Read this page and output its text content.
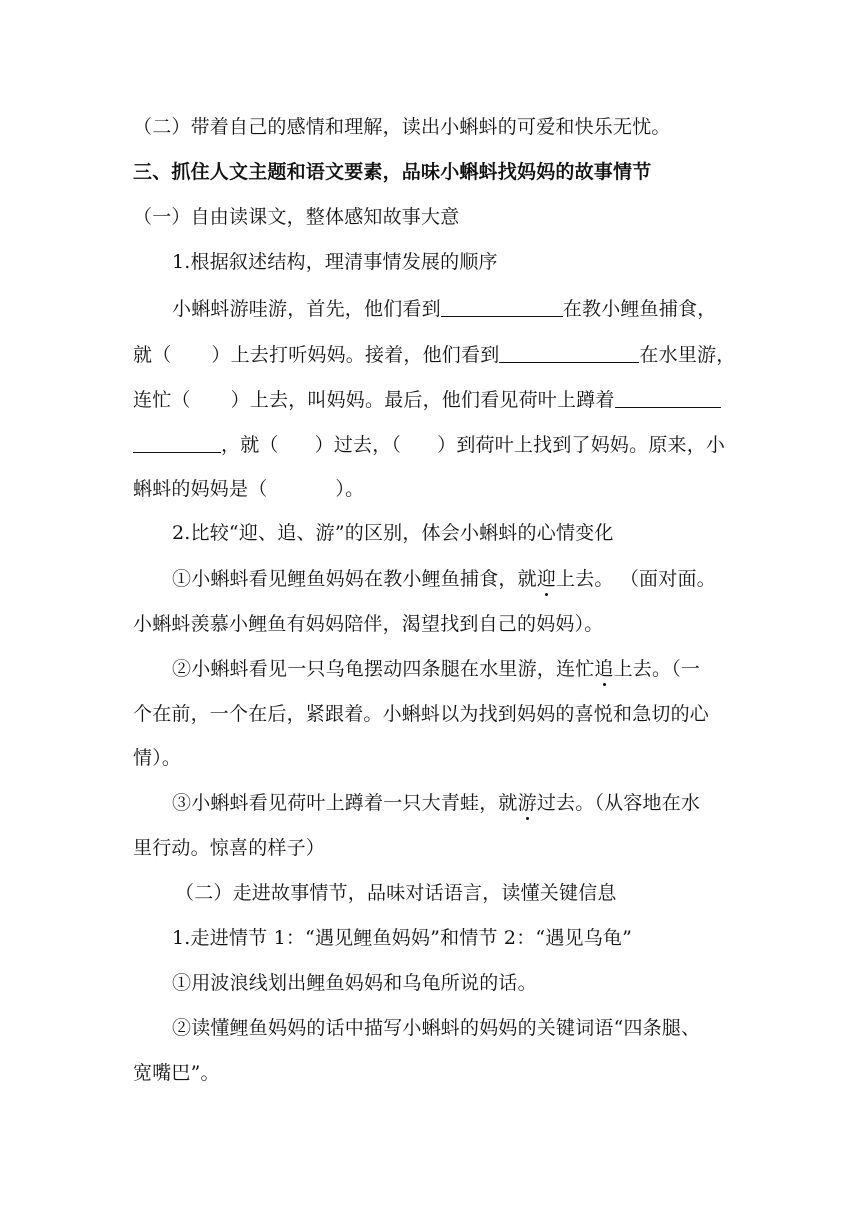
（二）带着自己的感情和理解，读出小蝌蚪的可爱和快乐无忧。
三、抓住人文主题和语文要素，品味小蝌蚪找妈妈的故事情节
（一）自由读课文，整体感知故事大意
1.根据叙述结构，理清事情发展的顺序
小蝌蚪游哇游，首先，他们看到	在教小鲤鱼捕食，
就（ ）上去打听妈妈。接着，他们看到	在水里游，
连忙（ ）上去，叫妈妈。最后，他们看见荷叶上蹲着
，就（ ）过去，（ ）到荷叶上找到了妈妈。原来，小
蝌蚪的妈妈是（	）。
2.比较“迎、追、游”的区别，体会小蝌蚪的心情变化
①小蝌蚪看见鲤鱼妈妈在教小鲤鱼捕食，就迎上去。 （面对面。
小蝌蚪羡慕小鲤鱼有妈妈陪伴，渴望找到自己的妈妈）。
②小蝌蚪看见一只乌龟摆动四条腿在水里游，连忙追上去。（一
个在前，一个在后，紧跟着。小蝌蚪以为找到妈妈的喜悦和急切的心
情）。
③小蝌蚪看见荷叶上蹲着一只大青蛙，就游过去。（从容地在水
里行动。惊喜的样子）
（二）走进故事情节，品味对话语言，读懂关键信息
1.走进情节 1：“遇见鲤鱼妈妈”和情节 2：“遇见乌龟”
①用波浪线划出鲤鱼妈妈和乌龟所说的话。
②读懂鲤鱼妈妈的话中描写小蝌蚪的妈妈的关键词语“四条腿、
宽嘴巴”。
